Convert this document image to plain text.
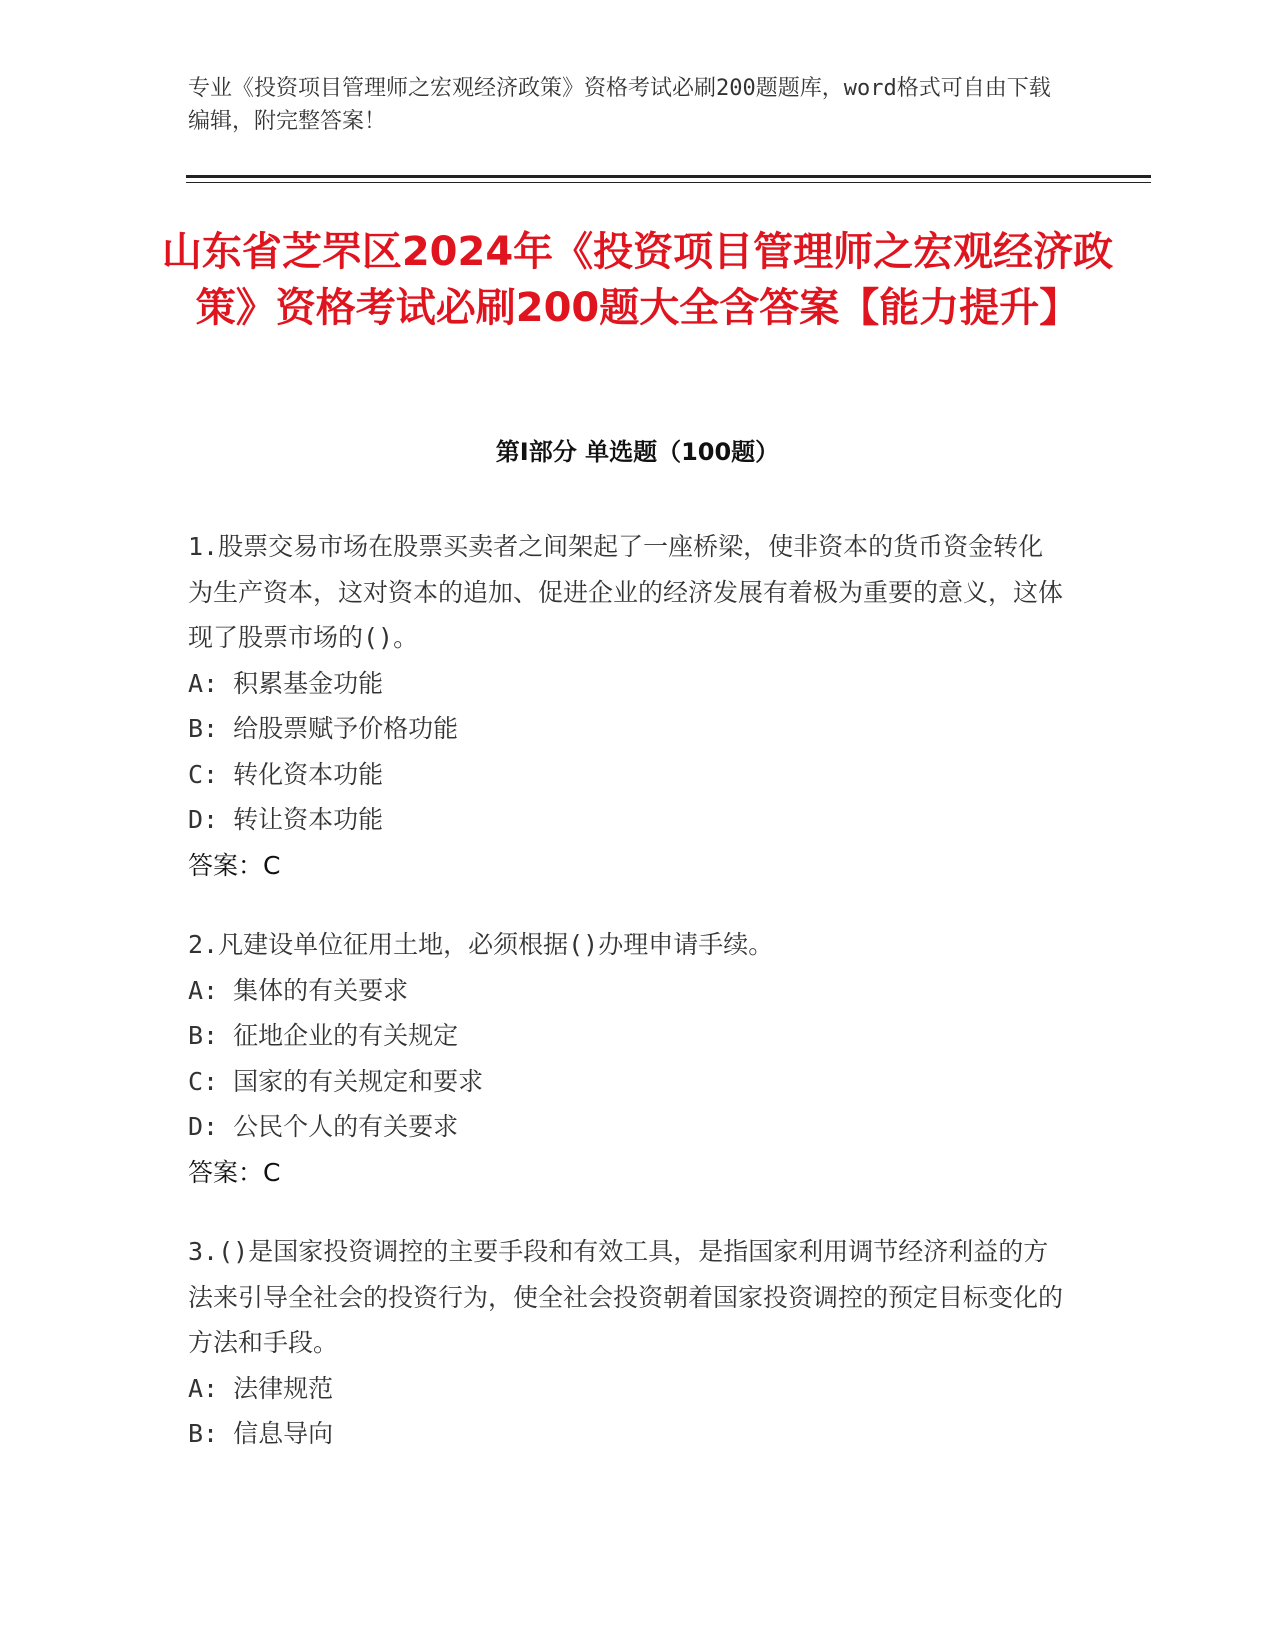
专业《投资项目管理师之宏观经济政策》资格考试必刷200题题库，word格式可自由下载编辑，附完整答案！
山东省芝罘区2024年《投资项目管理师之宏观经济政策》资格考试必刷200题大全含答案【能力提升】
第I部分 单选题（100题）

1.股票交易市场在股票买卖者之间架起了一座桥梁，使非资本的货币资金转化为生产资本，这对资本的追加、促进企业的经济发展有着极为重要的意义，这体现了股票市场的()。

A: 积累基金功能

B: 给股票赋予价格功能

C: 转化资本功能

D: 转让资本功能

答案：C

2.凡建设单位征用土地，必须根据()办理申请手续。

A: 集体的有关要求

B: 征地企业的有关规定

C: 国家的有关规定和要求

D: 公民个人的有关要求

答案：C

3.()是国家投资调控的主要手段和有效工具，是指国家利用调节经济利益的方法来引导全社会的投资行为，使全社会投资朝着国家投资调控的预定目标变化的方法和手段。

A: 法律规范

B: 信息导向
